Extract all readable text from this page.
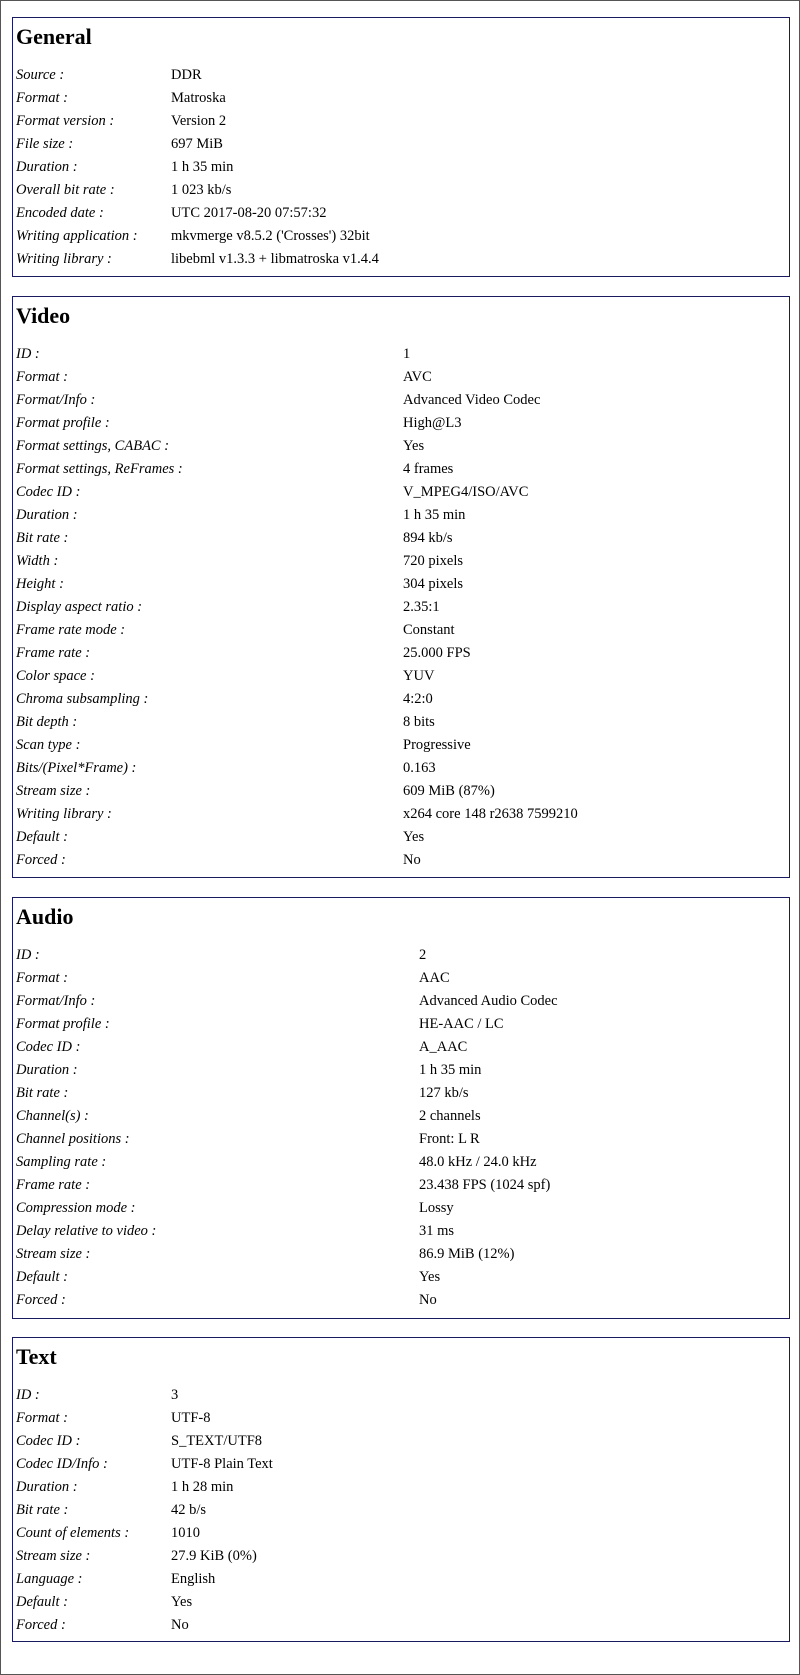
General
Source :	DDR
Format :	Matroska
Format version :	Version 2
File size :	697 MiB
Duration :	1 h 35 min
Overall bit rate :	1 023 kb/s
Encoded date :	UTC 2017-08-20 07:57:32
Writing application : mkvmerge v8.5.2 ('Crosses') 32bit
Writing library :	libebml v1.3.3 + libmatroska v1.4.4
Video
ID :	1
Format :	AVC
Format/Info :	Advanced Video Codec
Format profile :	High@L3
Format settings, CABAC :	Yes
Format settings, ReFrames :	4 frames
Codec ID :	V_MPEG4/ISO/AVC
Duration :	1 h 35 min
Bit rate :	894 kb/s
Width :	720 pixels
Height :	304 pixels
Display aspect ratio :	2.35:1
Frame rate mode :	Constant
Frame rate :	25.000 FPS
Color space :	YUV
Chroma subsampling :	4:2:0
Bit depth :	8 bits
Scan type :	Progressive
Bits/(Pixel*Frame) :	0.163
Stream size :	609 MiB (87%)
Writing library :	x264 core 148 r2638 7599210
Default :	Yes
Forced :	No
Audio
ID :	2
Format :	AAC
Format/Info :	Advanced Audio Codec
Format profile :	HE-AAC / LC
Codec ID :	A_AAC
Duration :	1 h 35 min
Bit rate :	127 kb/s
Channel(s) :	2 channels
Channel positions :	Front: L R
Sampling rate :	48.0 kHz / 24.0 kHz
Frame rate :	23.438 FPS (1024 spf)
Compression mode :	Lossy
Delay relative to video :	31 ms
Stream size :	86.9 MiB (12%)
Default :	Yes
Forced :	No
Text
ID :	3
Format :	UTF-8
Codec ID :	S_TEXT/UTF8
Codec ID/Info :	UTF-8 Plain Text
Duration :	1 h 28 min
Bit rate :	42 b/s
Count of elements :	1010
Stream size :	27.9 KiB (0%)
Language :	English
Default :	Yes
Forced :	No
